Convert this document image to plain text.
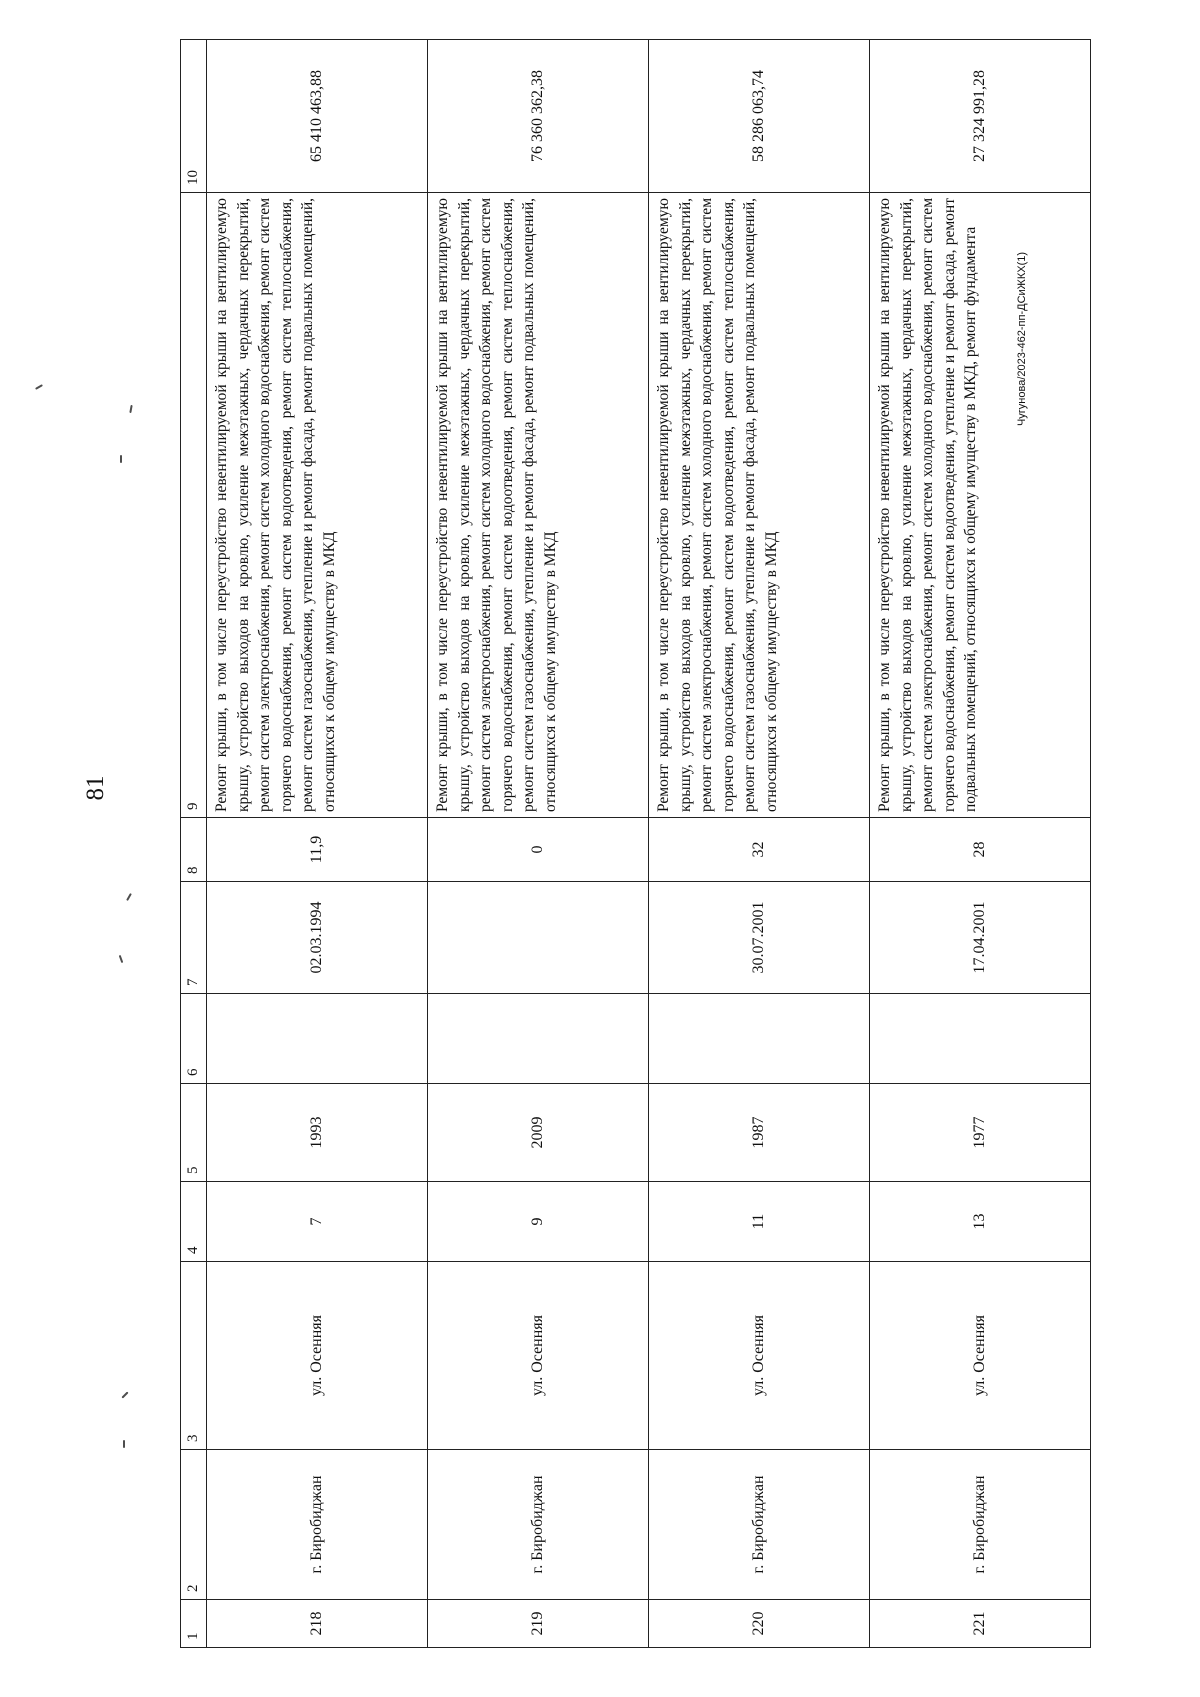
81
Чугунова/2023-462-пп-ДСиЖКХ(1)
1	2	3	4	5	6	7	8	9	10
218	г. Биробиджан	ул. Осенняя	7	1993		02.03.1994	11,9	Ремонт крыши, в том числе переустройство невентилируемой крыши на вентилируемую крышу, устройство выходов на кровлю, усиление межэтажных, чердачных перекрытий, ремонт систем электроснабжения, ремонт систем холодного водоснабжения, ремонт систем горячего водоснабжения, ремонт систем водоотведения, ремонт систем теплоснабжения, ремонт систем газоснабжения, утепление и ремонт фасада, ремонт подвальных помещений, относящихся к общему имуществу в МКД	65 410 463,88
219	г. Биробиджан	ул. Осенняя	9	2009			0	Ремонт крыши, в том числе переустройство невентилируемой крыши на вентилируемую крышу, устройство выходов на кровлю, усиление межэтажных, чердачных перекрытий, ремонт систем электроснабжения, ремонт систем холодного водоснабжения, ремонт систем горячего водоснабжения, ремонт систем водоотведения, ремонт систем теплоснабжения, ремонт систем газоснабжения, утепление и ремонт фасада, ремонт подвальных помещений, относящихся к общему имуществу в МКД	76 360 362,38
220	г. Биробиджан	ул. Осенняя	11	1987		30.07.2001	32	Ремонт крыши, в том числе переустройство невентилируемой крыши на вентилируемую крышу, устройство выходов на кровлю, усиление межэтажных, чердачных перекрытий, ремонт систем электроснабжения, ремонт систем холодного водоснабжения, ремонт систем горячего водоснабжения, ремонт систем водоотведения, ремонт систем теплоснабжения, ремонт систем газоснабжения, утепление и ремонт фасада, ремонт подвальных помещений, относящихся к общему имуществу в МКД	58 286 063,74
221	г. Биробиджан	ул. Осенняя	13	1977		17.04.2001	28	Ремонт крыши, в том числе переустройство невентилируемой крыши на вентилируемую крышу, устройство выходов на кровлю, усиление межэтажных, чердачных перекрытий, ремонт систем электроснабжения, ремонт систем холодного водоснабжения, ремонт систем горячего водоснабжения, ремонт систем водоотведения, утепление и ремонт фасада, ремонт подвальных помещений, относящихся к общему имуществу в МКД, ремонт фундамента	27 324 991,28
